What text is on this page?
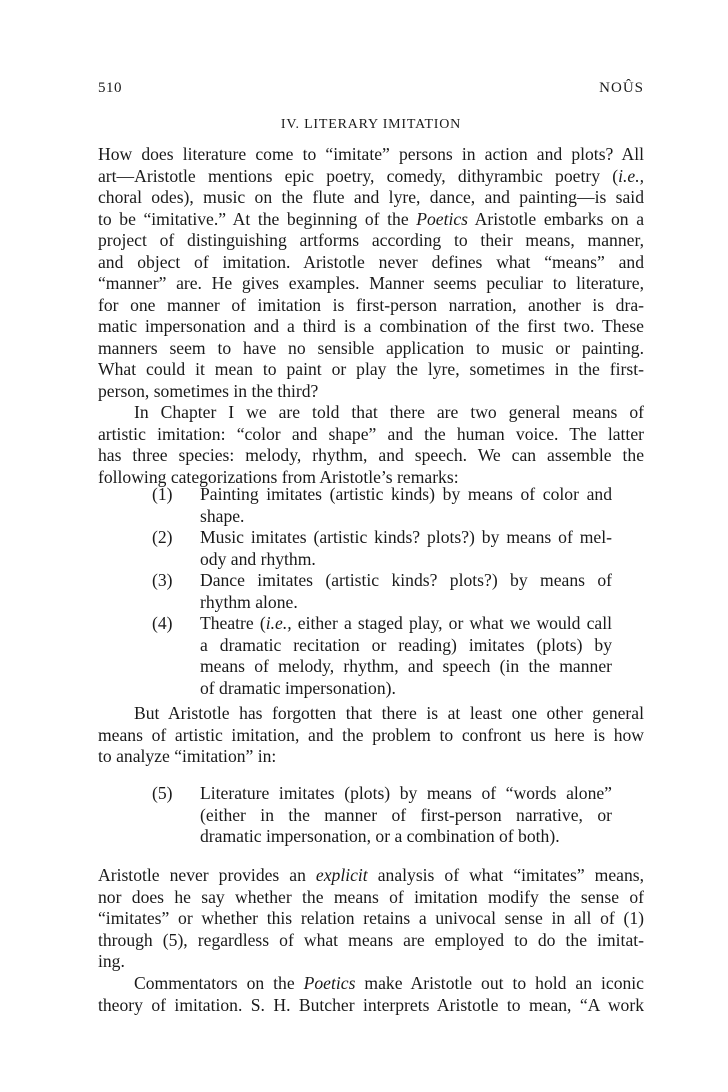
510	NOÛS
IV. LITERARY IMITATION

How does literature come to “imitate” persons in action and plots? All
art—Aristotle mentions epic poetry, comedy, dithyrambic poetry (i.e.,
choral odes), music on the flute and lyre, dance, and painting—is said
to be “imitative.” At the beginning of the Poetics Aristotle embarks on a
project of distinguishing artforms according to their means, manner,
and object of imitation. Aristotle never defines what “means” and
“manner” are. He gives examples. Manner seems peculiar to literature,
for one manner of imitation is first-person narration, another is dra-
matic impersonation and a third is a combination of the first two. These
manners seem to have no sensible application to music or painting.
What could it mean to paint or play the lyre, sometimes in the first-
person, sometimes in the third?

In Chapter I we are told that there are two general means of
artistic imitation: “color and shape” and the human voice. The latter
has three species: melody, rhythm, and speech. We can assemble the
following categorizations from Aristotle’s remarks:

(1) Painting imitates (artistic kinds) by means of color and
shape.
(2) Music imitates (artistic kinds? plots?) by means of mel-
ody and rhythm.
(3) Dance imitates (artistic kinds? plots?) by means of
rhythm alone.
(4) Theatre (i.e., either a staged play, or what we would call
a dramatic recitation or reading) imitates (plots) by
means of melody, rhythm, and speech (in the manner
of dramatic impersonation).

But Aristotle has forgotten that there is at least one other general
means of artistic imitation, and the problem to confront us here is how
to analyze “imitation” in:

(5) Literature imitates (plots) by means of “words alone”
(either in the manner of first-person narrative, or
dramatic impersonation, or a combination of both).

Aristotle never provides an explicit analysis of what “imitates” means,
nor does he say whether the means of imitation modify the sense of
“imitates” or whether this relation retains a univocal sense in all of (1)
through (5), regardless of what means are employed to do the imitat-
ing.

Commentators on the Poetics make Aristotle out to hold an iconic
theory of imitation. S. H. Butcher interprets Aristotle to mean, “A work
